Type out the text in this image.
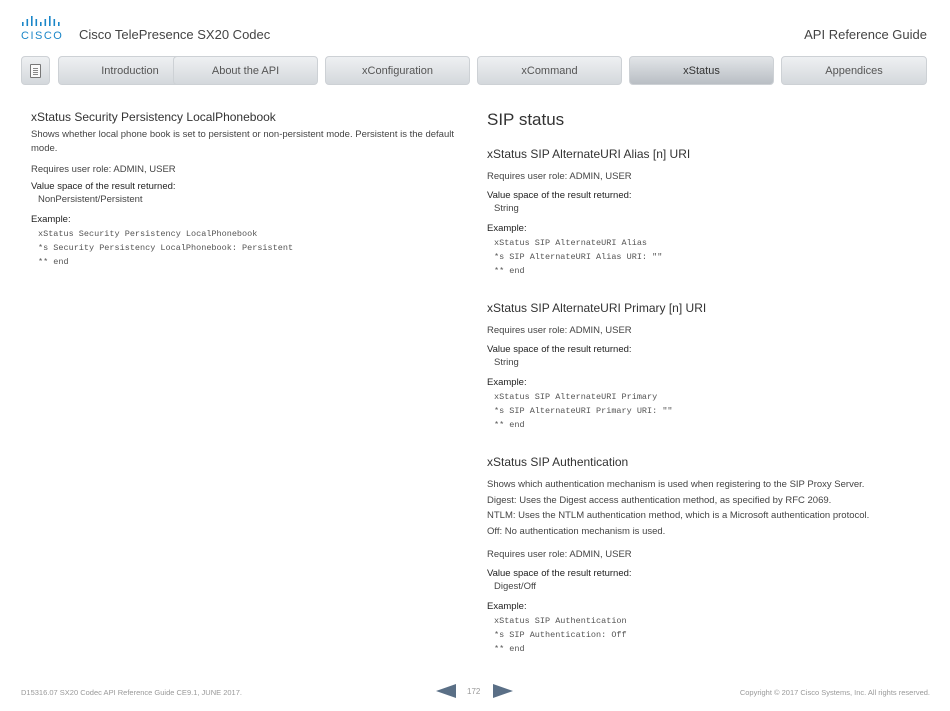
CISCO Cisco TelePresence SX20 Codec	API Reference Guide
Introduction	About the API	xConfiguration	xCommand	xStatus	Appendices
xStatus Security Persistency LocalPhonebook

Shows whether local phone book is set to persistent or non-persistent mode. Persistent is the default mode.

Requires user role: ADMIN, USER
Value space of the result returned:
NonPersistent/Persistent
Example:
xStatus Security Persistency LocalPhonebook
*s Security Persistency LocalPhonebook: Persistent
** end
SIP status
xStatus SIP AlternateURI Alias [n] URI
Requires user role: ADMIN, USER
Value space of the result returned:
String
Example:
xStatus SIP AlternateURI Alias
*s SIP AlternateURI Alias URI: ""
** end
xStatus SIP AlternateURI Primary [n] URI
Requires user role: ADMIN, USER
Value space of the result returned:
String
Example:
xStatus SIP AlternateURI Primary
*s SIP AlternateURI Primary URI: ""
** end
xStatus SIP Authentication

Shows which authentication mechanism is used when registering to the SIP Proxy Server.

Digest: Uses the Digest access authentication method, as specified by RFC 2069.

NTLM: Uses the NTLM authentication method, which is a Microsoft authentication protocol.

Off: No authentication mechanism is used.

Requires user role: ADMIN, USER
Value space of the result returned:
Digest/Off
Example:
xStatus SIP Authentication
*s SIP Authentication: Off
** end
D15316.07 SX20 Codec API Reference Guide CE9.1, JUNE 2017.	172	Copyright © 2017 Cisco Systems, Inc. All rights reserved.
